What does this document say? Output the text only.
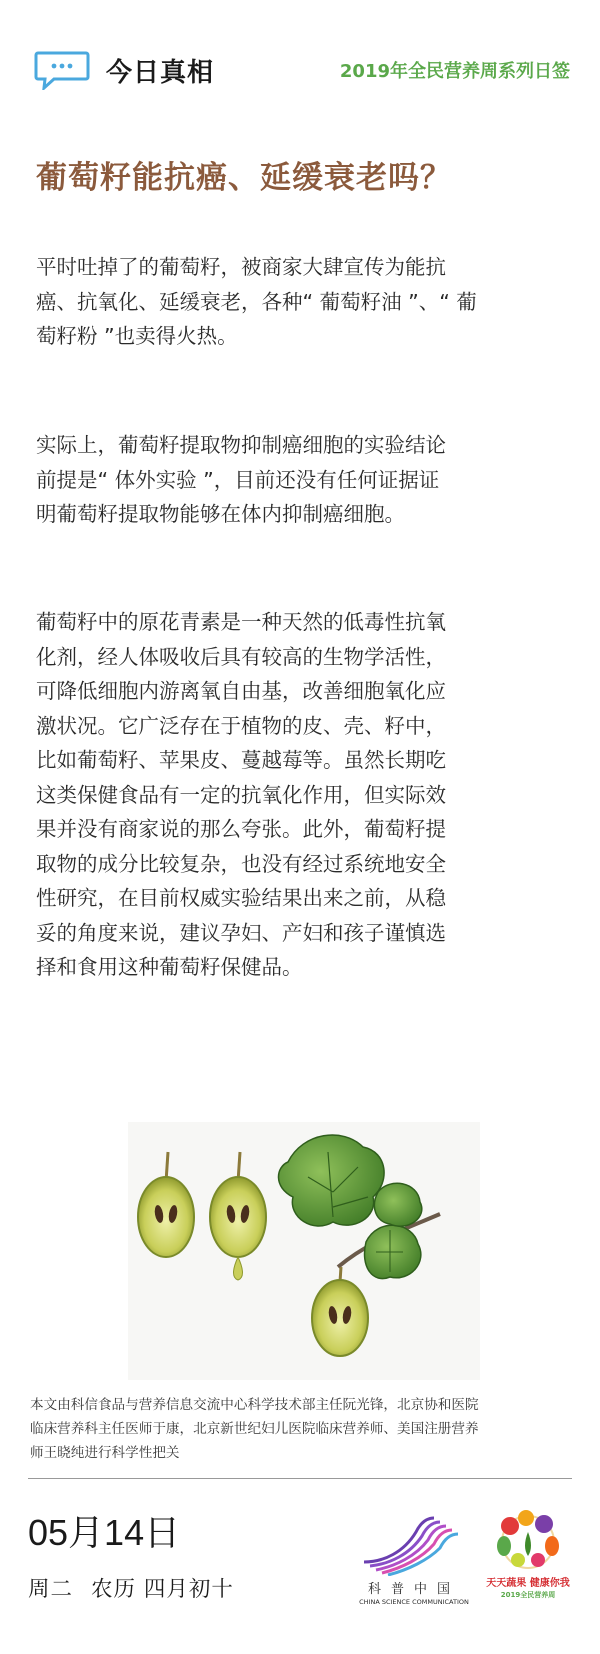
今日真相	2019年全民营养周系列日签
葡萄籽能抗癌、延缓衰老吗？
平时吐掉了的葡萄籽，被商家大肆宣传为能抗
癌、抗氧化、延缓衰老，各种“ 葡萄籽油 ”、“ 葡
萄籽粉 ”也卖得火热。
实际上，葡萄籽提取物抑制癌细胞的实验结论
前提是“ 体外实验 ”，目前还没有任何证据证
明葡萄籽提取物能够在体内抑制癌细胞。
葡萄籽中的原花青素是一种天然的低毒性抗氧
化剂，经人体吸收后具有较高的生物学活性，
可降低细胞内游离氧自由基，改善细胞氧化应
激状况。它广泛存在于植物的皮、壳、籽中，
比如葡萄籽、苹果皮、蔓越莓等。虽然长期吃
这类保健食品有一定的抗氧化作用，但实际效
果并没有商家说的那么夸张。此外，葡萄籽提
取物的成分比较复杂，也没有经过系统地安全
性研究，在目前权威实验结果出来之前，从稳
妥的角度来说，建议孕妇、产妇和孩子谨慎选
择和食用这种葡萄籽保健品。
本文由科信食品与营养信息交流中心科学技术部主任阮光锋，北京协和医院
临床营养科主任医师于康，北京新世纪妇儿医院临床营养师、美国注册营养
师王晓纯进行科学性把关
05月14日
周二 农历 四月初十	科普中国
CHINA SCIENCE COMMUNICATION
天天蔬果 健康你我
2019全民营养周
